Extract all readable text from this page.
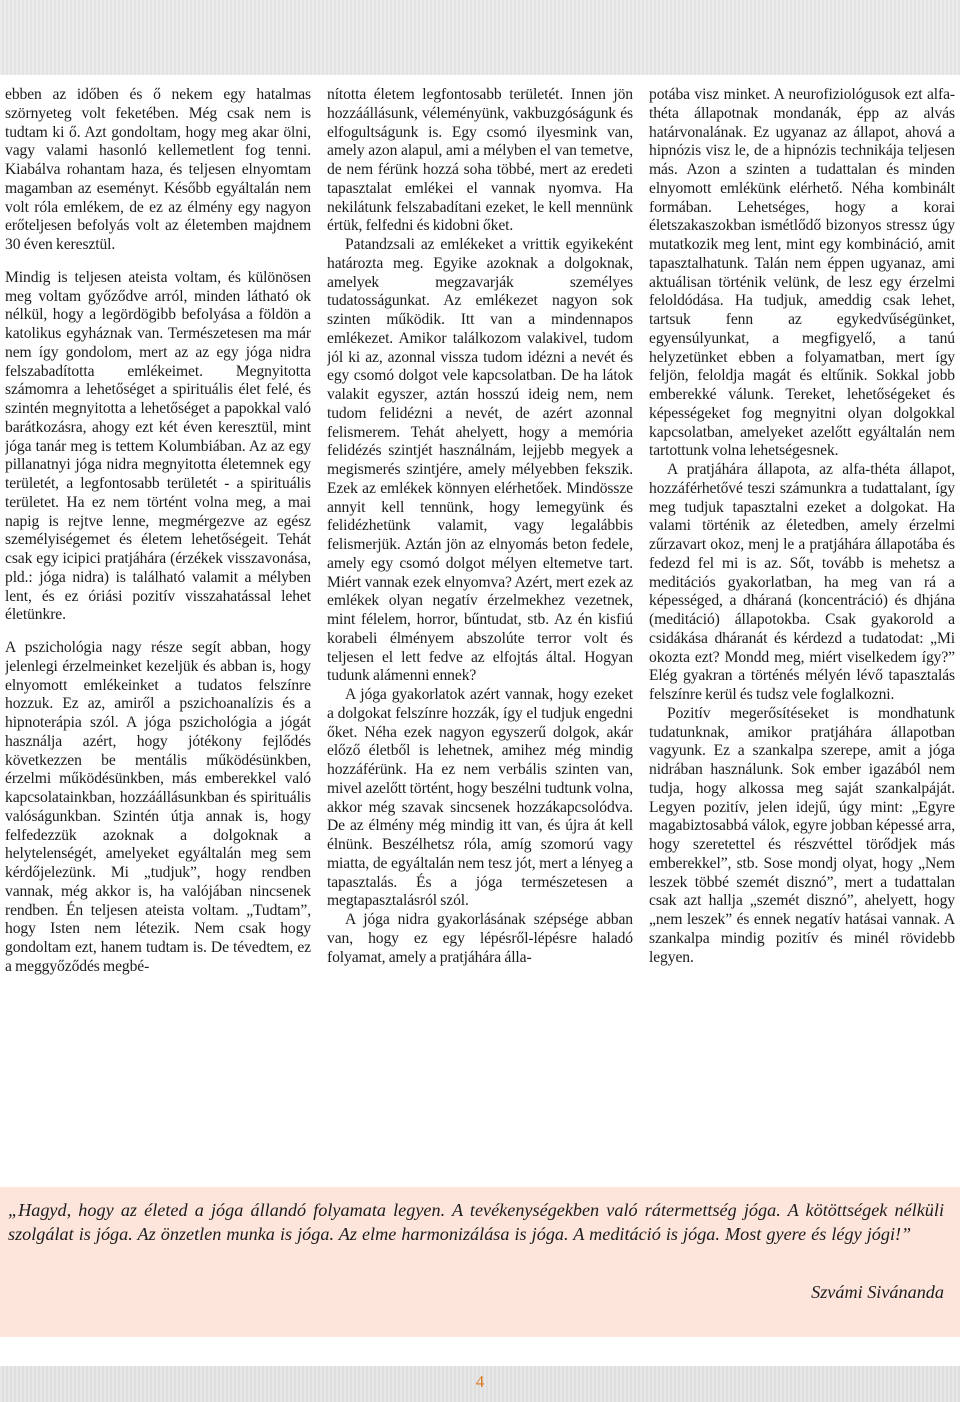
ebben az időben és ő nekem egy hatalmas szörnyeteg volt feketében. Még csak nem is tudtam ki ő. Azt gondoltam, hogy meg akar ölni, vagy valami hasonló kellemetlent fog tenni. Kiabálva rohantam haza, és teljesen elnyomtam magamban az eseményt. Később egyáltalán nem volt róla emlékem, de ez az élmény egy nagyon erőteljesen befolyás volt az életemben majdnem 30 éven keresztül.

Mindig is teljesen ateista voltam, és különösen meg voltam győződve arról, minden látható ok nélkül, hogy a legördögibb befolyása a földön a katolikus egyháznak van. Természetesen ma már nem így gondolom, mert az az egy jóga nidra felszabadította emlékeimet. Megnyitotta számomra a lehetőséget a spirituális élet felé, és szintén megnyitotta a lehetőséget a papokkal való barátkozásra, ahogy ezt két éven keresztül, mint jóga tanár meg is tettem Kolumbiában. Az az egy pillanatnyi jóga nidra megnyitotta életemnek egy területét, a legfontosabb területét - a spirituális területet. Ha ez nem történt volna meg, a mai napig is rejtve lenne, megmérgezve az egész személyiségemet és életem lehetőségeit. Tehát csak egy icipici pratjáhára (érzékek visszavonása, pld.: jóga nidra) is található valamit a mélyben lent, és ez óriási pozitív visszahatással lehet életünkre.

A pszichológia nagy része segít abban, hogy jelenlegi érzelmeinket kezeljük és abban is, hogy elnyomott emlékeinket a tudatos felszínre hozzuk. Ez az, amiről a pszichoanalízis és a hipnoterápia szól. A jóga pszichológia a jógát használja azért, hogy jótékony fejlődés következzen be mentális működésünkben, érzelmi működésünkben, más emberekkel való kapcsolatainkban, hozzáállásunkban és spirituális valóságunkban. Szintén útja annak is, hogy felfedezzük azoknak a dolgoknak a helytelenségét, amelyeket egyáltalán meg sem kérdőjelezünk. Mi „tudjuk”, hogy rendben vannak, még akkor is, ha valójában nincsenek rendben. Én teljesen ateista voltam. „Tudtam”, hogy Isten nem létezik. Nem csak hogy gondoltam ezt, hanem tudtam is. De tévedtem, ez a meggyőződés megbé-

nította életem legfontosabb területét. Innen jön hozzáállásunk, véleményünk, vakbuzgóságunk és elfogultságunk is. Egy csomó ilyesmink van, amely azon alapul, ami a mélyben el van temetve, de nem férünk hozzá soha többé, mert az eredeti tapasztalat emlékei el vannak nyomva. Ha nekilátunk felszabadítani ezeket, le kell mennünk értük, felfedni és kidobni őket.

Patandzsali az emlékeket a vrittik egyikeként határozta meg. Egyike azoknak a dolgoknak, amelyek megzavarják személyes tudatosságunkat. Az emlékezet nagyon sok szinten működik. Itt van a mindennapos emlékezet. Amikor találkozom valakivel, tudom jól ki az, azonnal vissza tudom idézni a nevét és egy csomó dolgot vele kapcsolatban. De ha látok valakit egyszer, aztán hosszú ideig nem, nem tudom felidézni a nevét, de azért azonnal felismerem. Tehát ahelyett, hogy a memória felidézés szintjét használnám, lejjebb megyek a megismerés szintjére, amely mélyebben fekszik. Ezek az emlékek könnyen elérhetőek. Mindössze annyit kell tennünk, hogy lemegyünk és felidézhetünk valamit, vagy legalábbis felismerjük. Aztán jön az elnyomás beton fedele, amely egy csomó dolgot mélyen eltemetve tart. Miért vannak ezek elnyomva? Azért, mert ezek az emlékek olyan negatív érzelmekhez vezetnek, mint félelem, horror, bűntudat, stb. Az én kisfiú korabeli élményem abszolúte terror volt és teljesen el lett fedve az elfojtás által. Hogyan tudunk alámenni ennek?

A jóga gyakorlatok azért vannak, hogy ezeket a dolgokat felszínre hozzák, így el tudjuk engedni őket. Néha ezek nagyon egyszerű dolgok, akár előző életből is lehetnek, amihez még mindig hozzáférünk. Ha ez nem verbális szinten van, mivel azelőtt történt, hogy beszélni tudtunk volna, akkor még szavak sincsenek hozzákapcsolódva. De az élmény még mindig itt van, és újra át kell élnünk. Beszélhetsz róla, amíg szomorú vagy miatta, de egyáltalán nem tesz jót, mert a lényeg a tapasztalás. És a jóga természetesen a megtapasztalásról szól.

A jóga nidra gyakorlásának szépsége abban van, hogy ez egy lépésről-lépésre haladó folyamat, amely a pratjáhára álla-

potába visz minket. A neurofiziológusok ezt alfa-théta állapotnak mondanák, épp az alvás határvonalának. Ez ugyanaz az állapot, ahová a hipnózis visz le, de a hipnózis technikája teljesen más. Azon a szinten a tudattalan és minden elnyomott emlékünk elérhető. Néha kombinált formában. Lehetséges, hogy a korai életszakaszokban ismétlődő bizonyos stressz úgy mutatkozik meg lent, mint egy kombináció, amit tapasztalhatunk. Talán nem éppen ugyanaz, ami aktuálisan történik velünk, de lesz egy érzelmi feloldódása. Ha tudjuk, ameddig csak lehet, tartsuk fenn az egykedvűségünket, egyensúlyunkat, a megfigyelő, a tanú helyzetünket ebben a folyamatban, mert így feljön, feloldja magát és eltűnik. Sokkal jobb emberekké válunk. Tereket, lehetőségeket és képességeket fog megnyitni olyan dolgokkal kapcsolatban, amelyeket azelőtt egyáltalán nem tartottunk volna lehetségesnek.

A pratjáhára állapota, az alfa-théta állapot, hozzáférhetővé teszi számunkra a tudattalant, így meg tudjuk tapasztalni ezeket a dolgokat. Ha valami történik az életedben, amely érzelmi zűrzavart okoz, menj le a pratjáhára állapotába és fedezd fel mi is az. Sőt, tovább is mehetsz a meditációs gyakorlatban, ha meg van rá a képességed, a dháraná (koncentráció) és dhjána (meditáció) állapotokba. Csak gyakorold a csidákása dháranát és kérdezd a tudatodat: „Mi okozta ezt? Mondd meg, miért viselkedem így?” Elég gyakran a történés mélyén lévő tapasztalás felszínre kerül és tudsz vele foglalkozni.

Pozitív megerősítéseket is mondhatunk tudatunknak, amikor pratjáhára állapotban vagyunk. Ez a szankalpa szerepe, amit a jóga nidrában használunk. Sok ember igazából nem tudja, hogy alkossa meg saját szankalpáját. Legyen pozitív, jelen idejű, úgy mint: „Egyre magabiztosabbá válok, egyre jobban képessé arra, hogy szeretettel és részvéttel törődjek más emberekkel”, stb. Sose mondj olyat, hogy „Nem leszek többé szemét disznó”, mert a tudattalan csak azt hallja „szemét disznó”, ahelyett, hogy „nem leszek” és ennek negatív hatásai vannak. A szankalpa mindig pozitív és minél rövidebb legyen.

„Hagyd, hogy az életed a jóga állandó folyamata legyen. A tevékenységekben való rátermettség jóga. A kötöttségek nélküli szolgálat is jóga. Az önzetlen munka is jóga. Az elme harmonizálása is jóga. A meditáció is jóga. Most gyere és légy jógi!”

Szvámi Sivánanda

4
